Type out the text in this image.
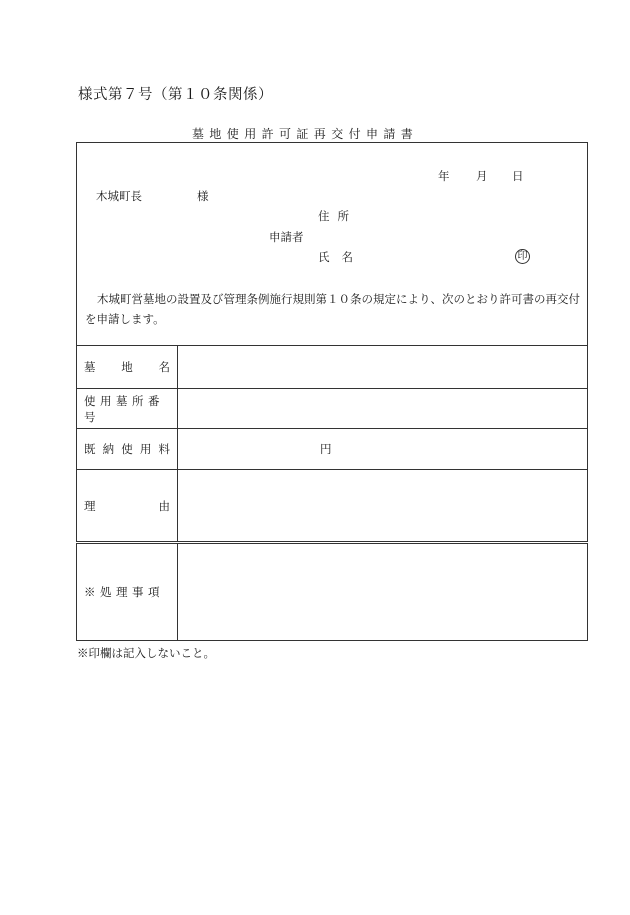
様式第７号（第１０条関係）
墓地使用許可証再交付申請書
年 月 日
木城町長	様
住所
申請者
氏名	印
木城町営墓地の設置及び管理条例施行規則第１０条の規定により、次のとおり許可書の再交付を申請します。
墓 地 名	

使用墓所番号	

既 納 使 用 料	円

理 由	

※処理事項	

※印欄は記入しないこと。
